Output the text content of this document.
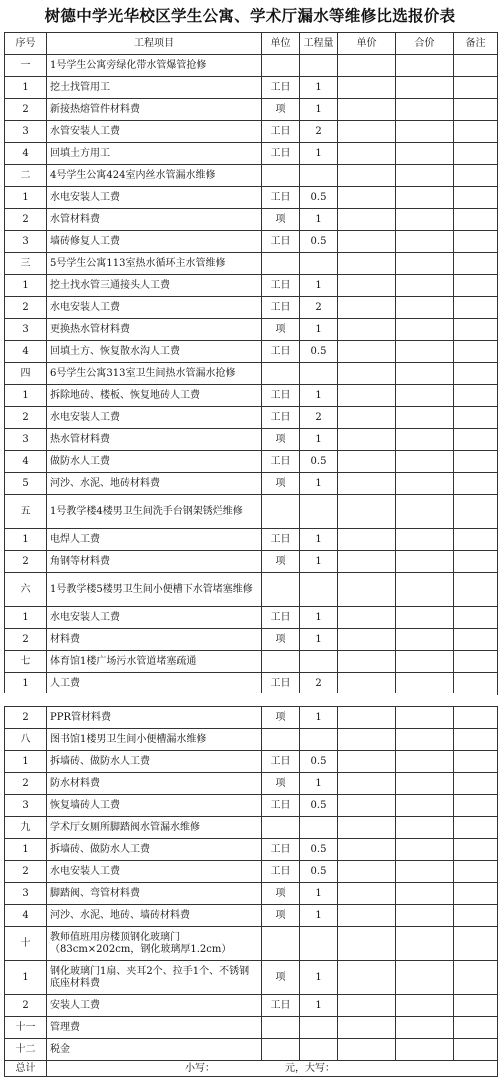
树德中学光华校区学生公寓、学术厅漏水等维修比选报价表
序号	工程项目	单位	工程量	单价	合价	备注
一	1号学生公寓旁绿化带水管爆管抢修					
1	挖土找管用工	工日	1			
2	新接热熔管件材料费	项	1			
3	水管安装人工费	工日	2			
4	回填土方用工	工日	1			
二	4号学生公寓424室内丝水管漏水维修					
1	水电安装人工费	工日	0.5			
2	水管材料费	项	1			
3	墙砖修复人工费	工日	0.5			
三	5号学生公寓113室热水循环主水管维修					
1	挖土找水管三通接头人工费	工日	1			
2	水电安装人工费	工日	2			
3	更换热水管材料费	项	1			
4	回填土方、恢复散水沟人工费	工日	0.5			
四	6号学生公寓313室卫生间热水管漏水抢修					
1	拆除地砖、楼板、恢复地砖人工费	工日	1			
2	水电安装人工费	工日	2			
3	热水管材料费	项	1			
4	做防水人工费	工日	0.5			
5	河沙、水泥、地砖材料费	项	1			
五	1号教学楼4楼男卫生间洗手台钢架锈烂维修					
1	电焊人工费	工日	1			
2	角钢等材料费	项	1			
六	1号教学楼5楼男卫生间小便槽下水管堵塞维修					
1	水电安装人工费	工日	1			
2	材料费	项	1			
七	体育馆1楼广场污水管道堵塞疏通					
1	人工费	工日	2			
2	PPR管材料费	项	1			
八	图书馆1楼男卫生间小便槽漏水维修					
1	拆墙砖、做防水人工费	工日	0.5			
2	防水材料费	项	1			
3	恢复墙砖人工费	工日	0.5			
九	学术厅女厕所脚踏阀水管漏水维修					
1	拆墙砖、做防水人工费	工日	0.5			
2	水电安装人工费	工日	0.5			
3	脚踏阀、弯管材料费	项	1			
4	河沙、水泥、地砖、墙砖材料费	项	1			
十	教师值班用房楼顶钢化玻璃门（83cm×202cm，钢化玻璃厚1.2cm）					
1	钢化玻璃门1扇、夹耳2个、拉手1个、不锈钢底座材料费	项	1			
2	安装人工费	工日	1			
十一	管理费					
十二	税金					
总计	小写： 元，大写：					
